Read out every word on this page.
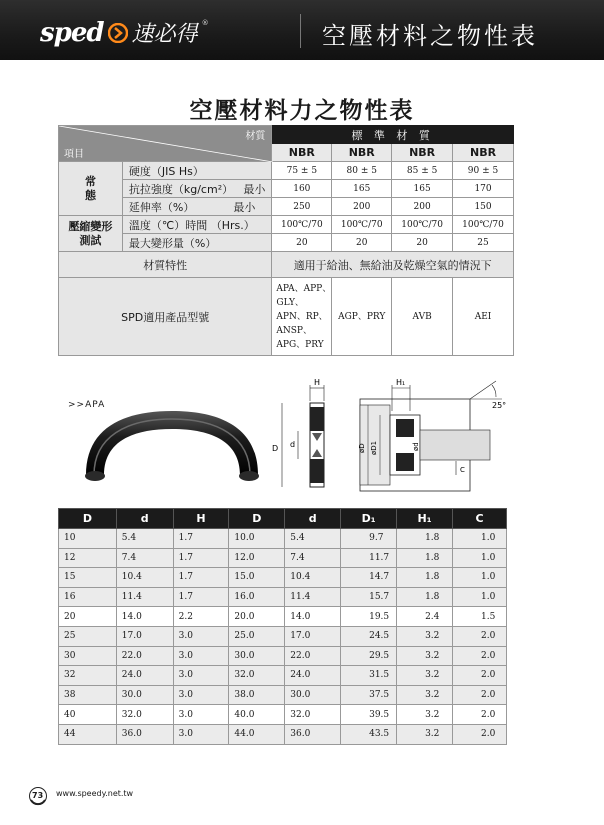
sped 速必得 ®	空壓材料之物性表
空壓材料力之物性表
材質
項目		標 準 材 質			
		NBR	NBR	NBR	NBR
常態	硬度（JIS Hs）	75 ± 5	80 ± 5	85 ± 5	90 ± 5
	抗拉強度（kg/cm²） 最小	160	165	165	170
	延伸率（%） 最小	250	200	200	150
壓縮變形測試	溫度（℃）時間 （Hrs.）	100℃/70	100℃/70	100℃/70	100℃/70
	最大變形量（%）	20	20	20	25
材質特性		適用于給油、無給油及乾燥空氣的情況下			
SPD適用產品型號		APA、APP、GLY、APN、RP、ANSP、APG、PRY	AGP、PRY	AVB	AEI
>>APA
H
D d
H₁
øD øD1	ød
25°
C
D	d	H	D	d	D₁	H₁	C
10	5.4	1.7	10.0	5.4	9.7	1.8	1.0
12	7.4	1.7	12.0	7.4	11.7	1.8	1.0
15	10.4	1.7	15.0	10.4	14.7	1.8	1.0
16	11.4	1.7	16.0	11.4	15.7	1.8	1.0
20	14.0	2.2	20.0	14.0	19.5	2.4	1.5
25	17.0	3.0	25.0	17.0	24.5	3.2	2.0
30	22.0	3.0	30.0	22.0	29.5	3.2	2.0
32	24.0	3.0	32.0	24.0	31.5	3.2	2.0
38	30.0	3.0	38.0	30.0	37.5	3.2	2.0
40	32.0	3.0	40.0	32.0	39.5	3.2	2.0
44	36.0	3.0	44.0	36.0	43.5	3.2	2.0
73 www.speedy.net.tw
